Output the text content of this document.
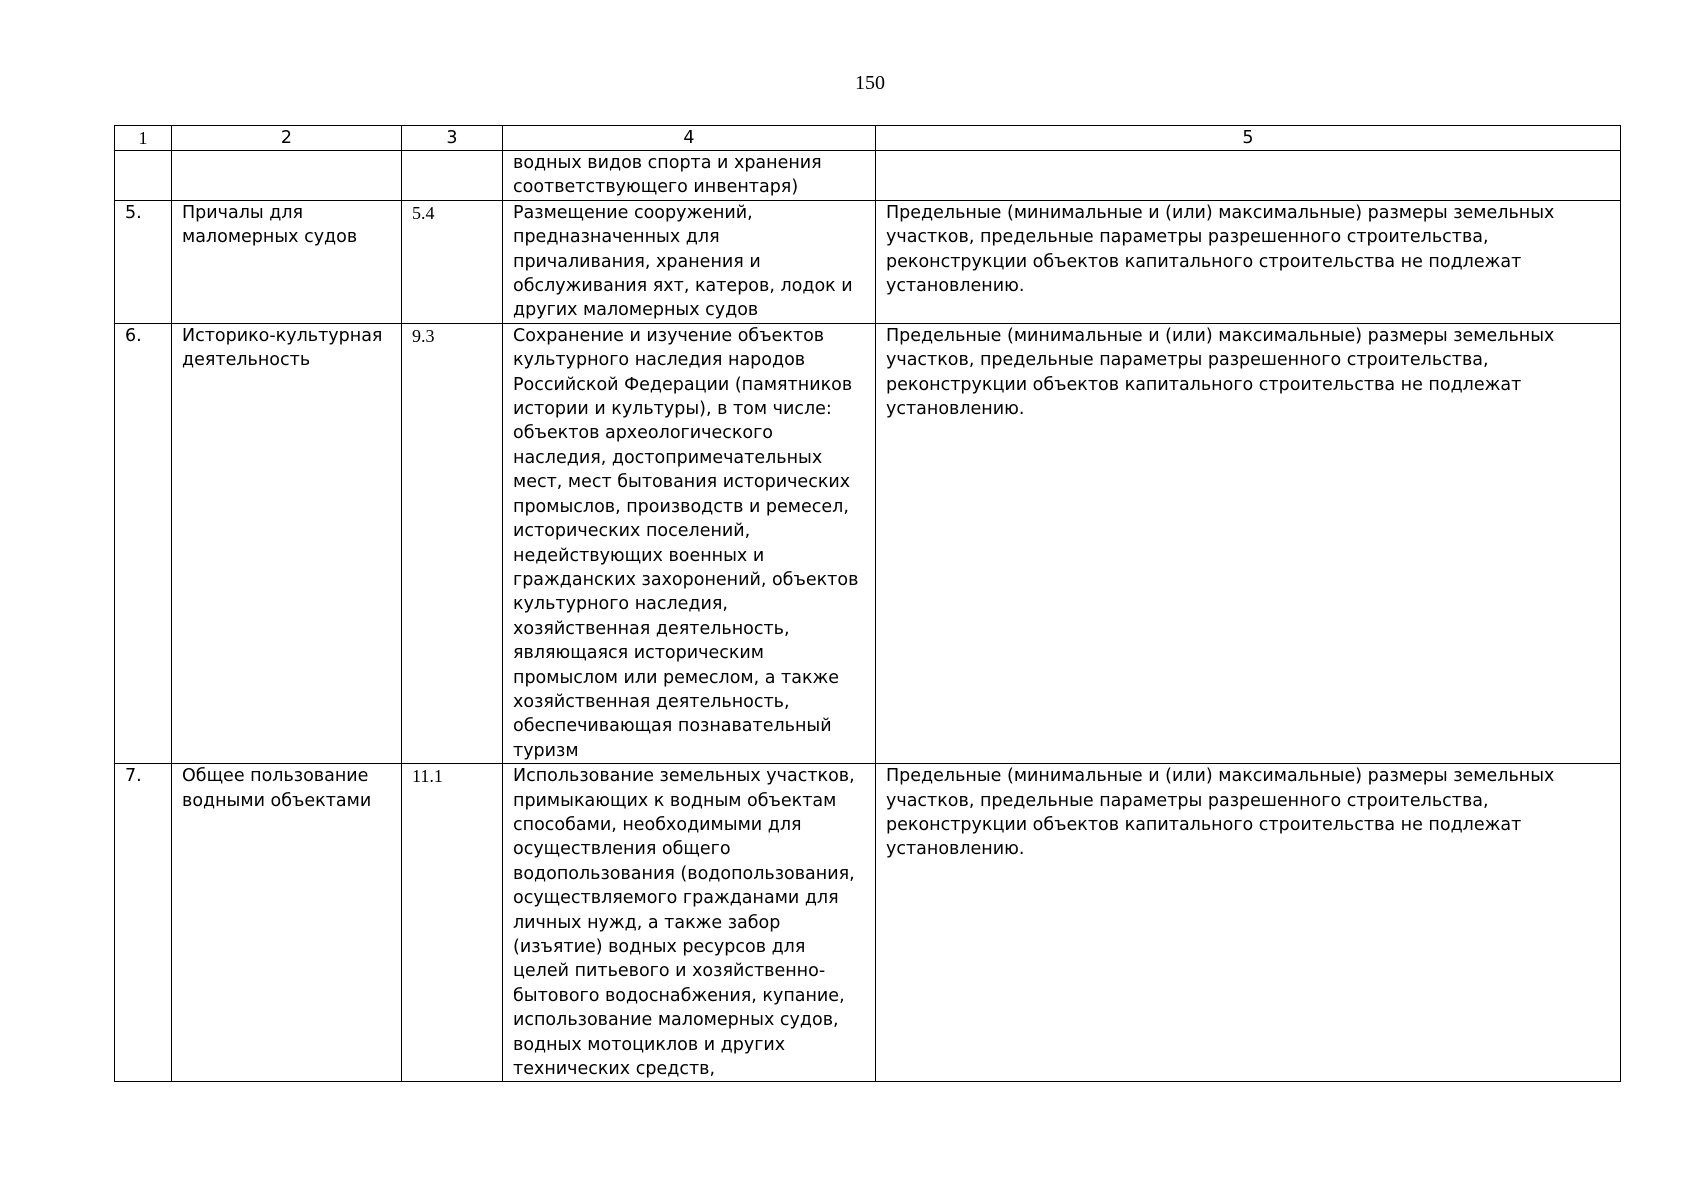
150
1	2	3	4	5
			водных видов спорта и хранения соответствующего инвентаря)	
5.	Причалы для маломерных судов	5.4	Размещение сооружений, предназначенных для причаливания, хранения и обслуживания яхт, катеров, лодок и других маломерных судов	Предельные (минимальные и (или) максимальные) размеры земельных участков, предельные параметры разрешенного строительства, реконструкции объектов капитального строительства не подлежат установлению.
6.	Историко-культурная деятельность	9.3	Сохранение и изучение объектов культурного наследия народов Российской Федерации (памятников истории и культуры), в том числе: объектов археологического наследия, достопримечательных мест, мест бытования исторических промыслов, производств и ремесел, исторических поселений, недействующих военных и гражданских захоронений, объектов культурного наследия, хозяйственная деятельность, являющаяся историческим промыслом или ремеслом, а также хозяйственная деятельность, обеспечивающая познавательный туризм	Предельные (минимальные и (или) максимальные) размеры земельных участков, предельные параметры разрешенного строительства, реконструкции объектов капитального строительства не подлежат установлению.
7.	Общее пользование водными объектами	11.1	Использование земельных участков, примыкающих к водным объектам способами, необходимыми для осуществления общего водопользования (водопользования, осуществляемого гражданами для личных нужд, а также забор (изъятие) водных ресурсов для целей питьевого и хозяйственно-бытового водоснабжения, купание, использование маломерных судов, водных мотоциклов и других технических средств,	Предельные (минимальные и (или) максимальные) размеры земельных участков, предельные параметры разрешенного строительства, реконструкции объектов капитального строительства не подлежат установлению.
